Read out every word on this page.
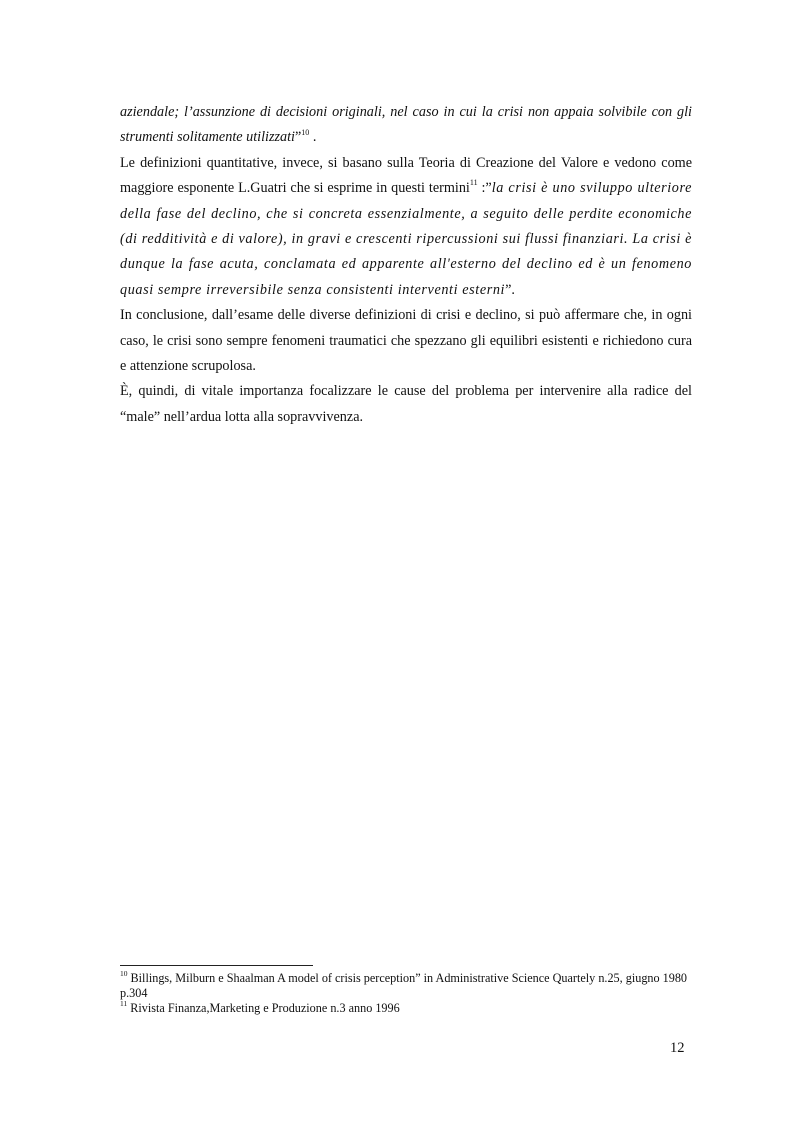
aziendale; l’assunzione di decisioni originali, nel caso in cui la crisi non appaia solvibile con gli strumenti solitamente utilizzati”$^{10}$ .

Le definizioni quantitative, invece, si basano sulla Teoria di Creazione del Valore e vedono come maggiore esponente L.Guatri che si esprime in questi termini$^{11}$ :”la crisi è uno sviluppo ulteriore della fase del declino, che si concreta essenzialmente, a seguito delle perdite economiche (di redditività e di valore), in gravi e crescenti ripercussioni sui flussi finanziari. La crisi è dunque la fase acuta, conclamata ed apparente all'esterno del declino ed è un fenomeno quasi sempre irreversibile senza consistenti interventi esterni”.

In conclusione, dall’esame delle diverse definizioni di crisi e declino, si può affermare che, in ogni caso, le crisi sono sempre fenomeni traumatici che spezzano gli equilibri esistenti e richiedono cura e attenzione scrupolosa.

È, quindi, di vitale importanza focalizzare le cause del problema per intervenire alla radice del “male” nell’ardua lotta alla sopravvivenza.

$^{10}$ Billings, Milburn e Shaalman A model of crisis perception” in Administrative Science Quartely n.25, giugno 1980 p.304

$^{11}$ Rivista Finanza,Marketing e Produzione n.3 anno 1996

12
